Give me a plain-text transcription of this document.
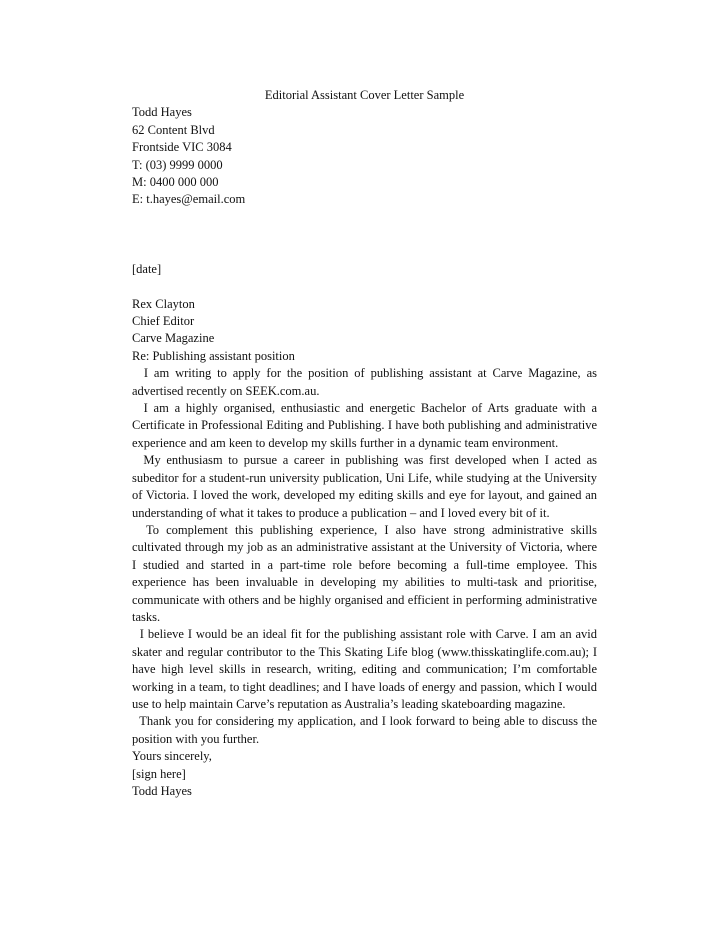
Editorial Assistant Cover Letter Sample
Todd Hayes
62 Content Blvd
Frontside VIC 3084
T: (03) 9999 0000
M: 0400 000 000
E: t.hayes@email.com
[date]
Rex Clayton
Chief Editor
Carve Magazine
Re: Publishing assistant position
I am writing to apply for the position of publishing assistant at Carve Magazine, as advertised recently on SEEK.com.au.
I am a highly organised, enthusiastic and energetic Bachelor of Arts graduate with a Certificate in Professional Editing and Publishing. I have both publishing and administrative experience and am keen to develop my skills further in a dynamic team environment.
My enthusiasm to pursue a career in publishing was first developed when I acted as subeditor for a student-run university publication, Uni Life, while studying at the University of Victoria. I loved the work, developed my editing skills and eye for layout, and gained an understanding of what it takes to produce a publication – and I loved every bit of it.
To complement this publishing experience, I also have strong administrative skills cultivated through my job as an administrative assistant at the University of Victoria, where I studied and started in a part-time role before becoming a full-time employee. This experience has been invaluable in developing my abilities to multi-task and prioritise, communicate with others and be highly organised and efficient in performing administrative tasks.
I believe I would be an ideal fit for the publishing assistant role with Carve. I am an avid skater and regular contributor to the This Skating Life blog (www.thisskatinglife.com.au); I have high level skills in research, writing, editing and communication; I’m comfortable working in a team, to tight deadlines; and I have loads of energy and passion, which I would use to help maintain Carve’s reputation as Australia’s leading skateboarding magazine.
Thank you for considering my application, and I look forward to being able to discuss the position with you further.
Yours sincerely,
[sign here]
Todd Hayes
